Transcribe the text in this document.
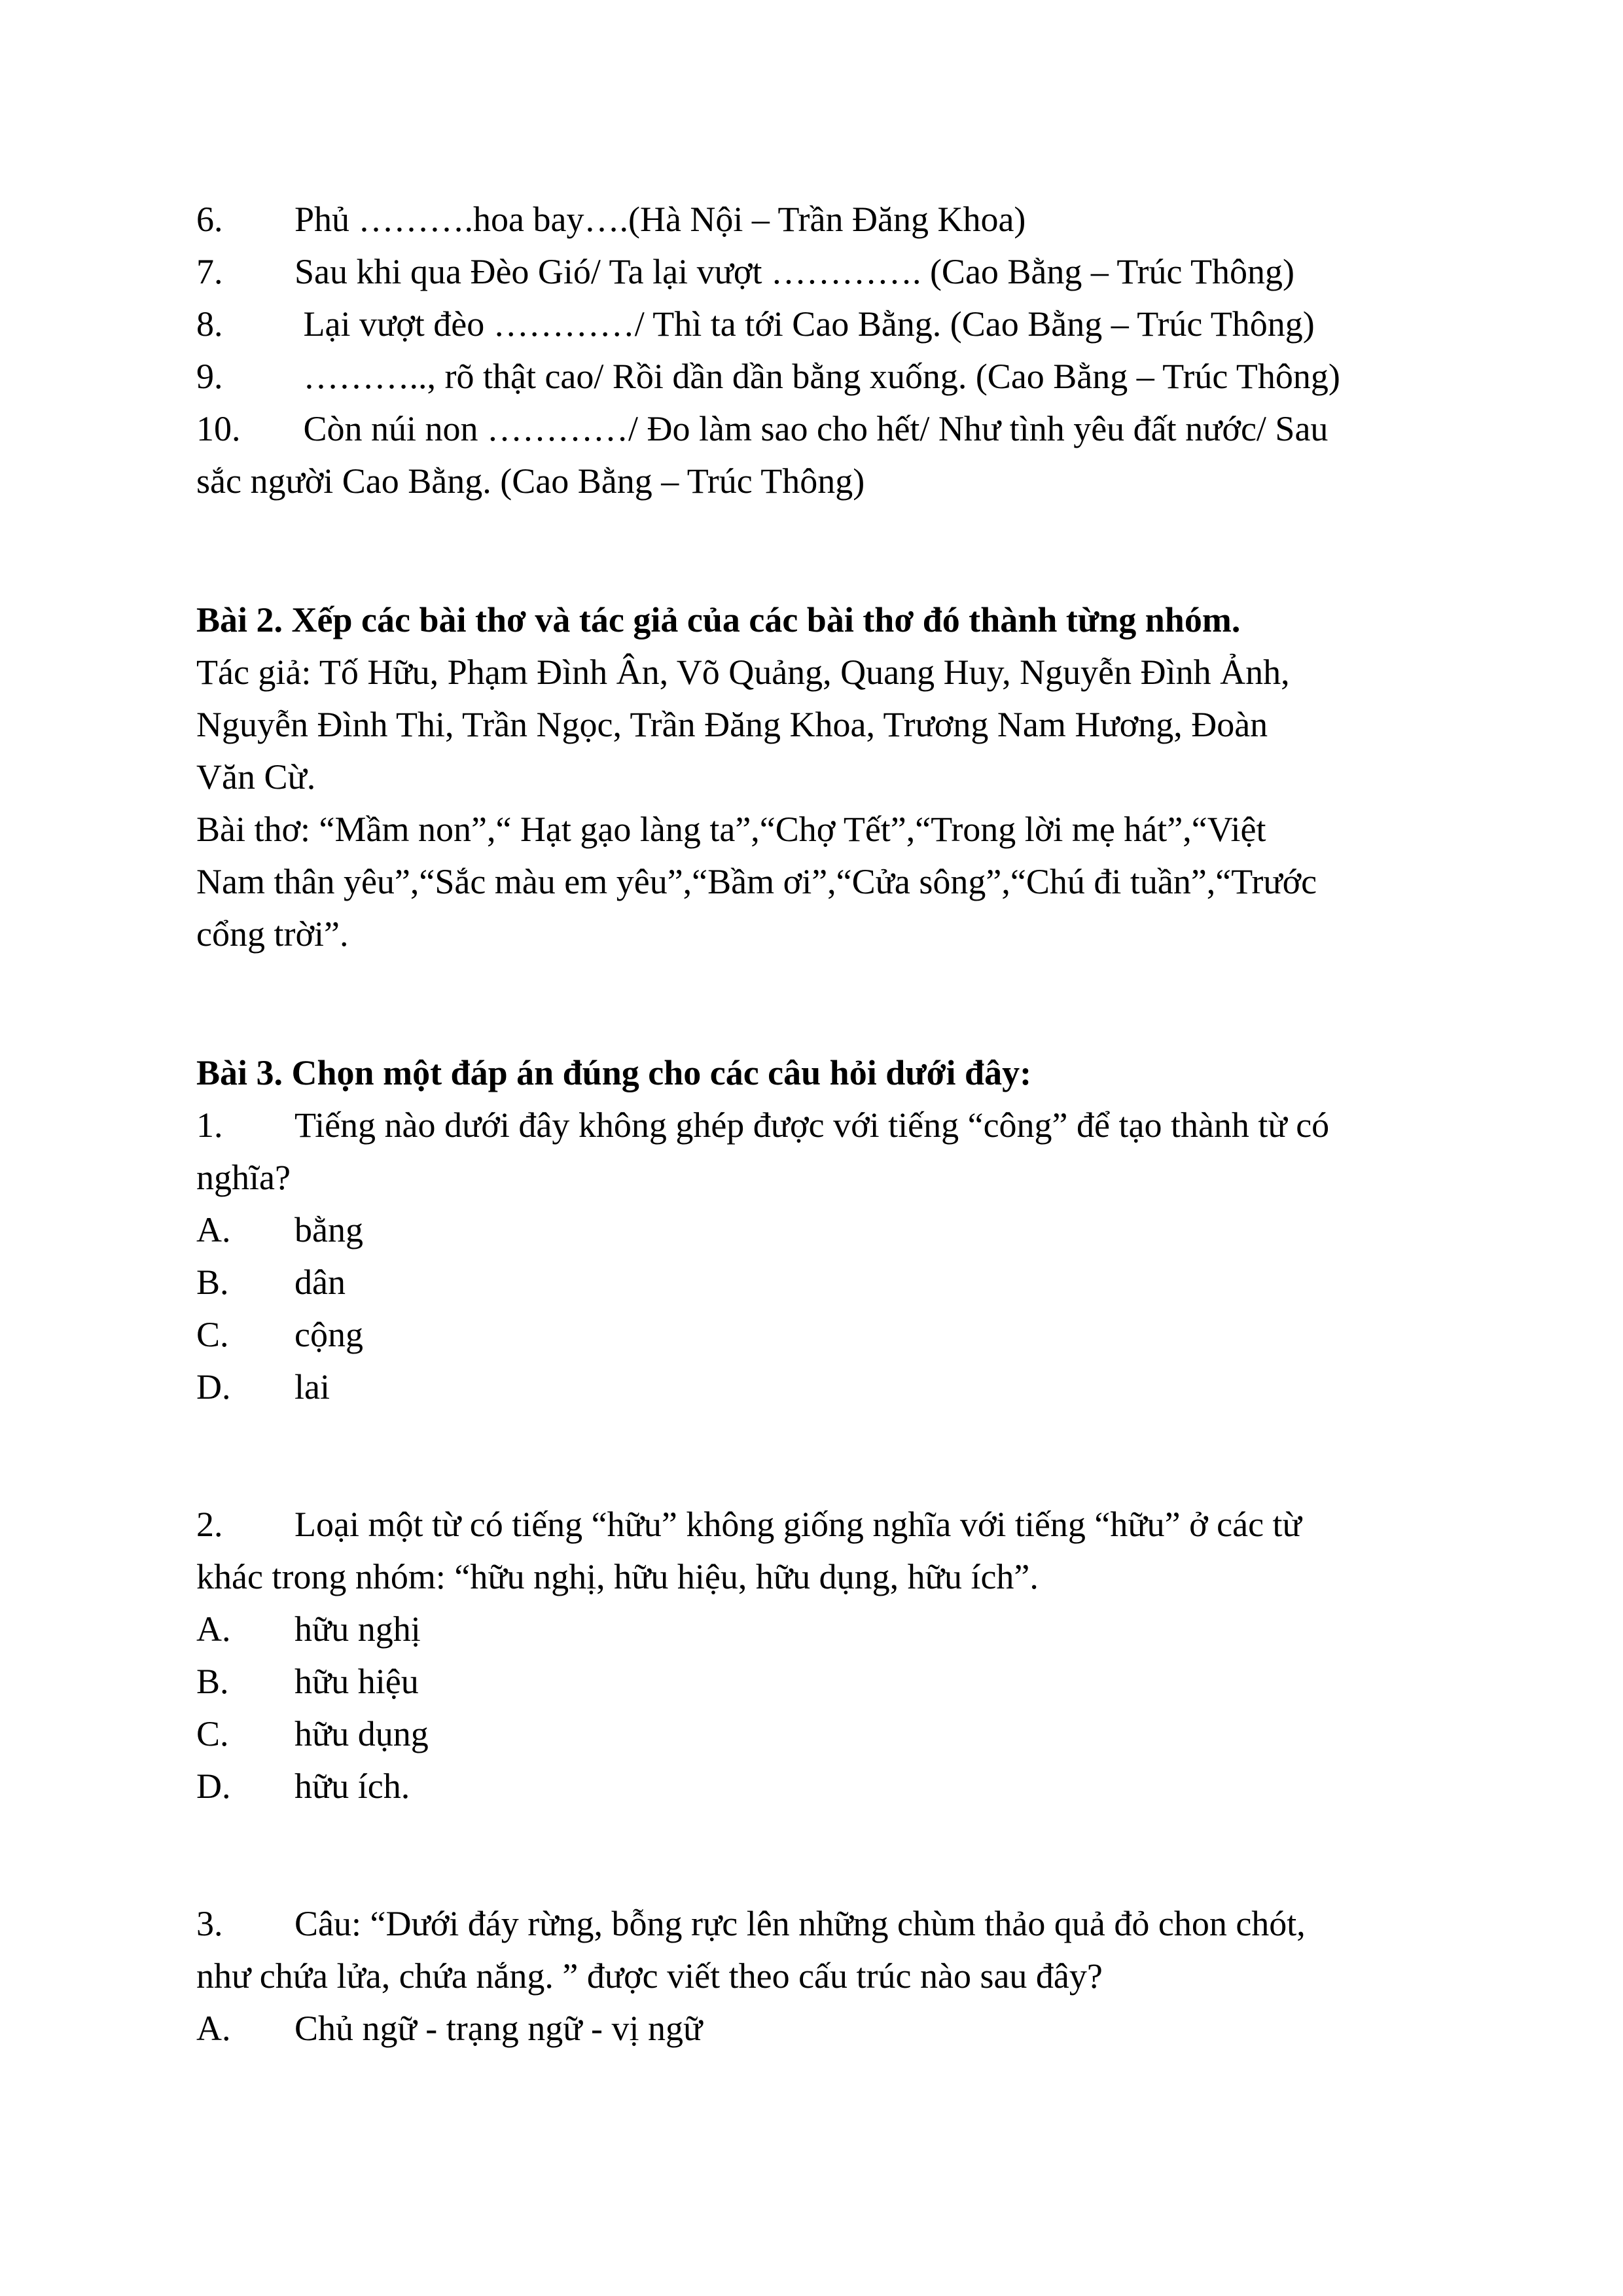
6. Phủ ……….hoa bay….(Hà Nội – Trần Đăng Khoa)
7. Sau khi qua Đèo Gió/ Ta lại vượt …………. (Cao Bằng – Trúc Thông)
8. Lại vượt đèo …………/ Thì ta tới Cao Bằng. (Cao Bằng – Trúc Thông)
9. ……….., rõ thật cao/ Rồi dần dần bằng xuống. (Cao Bằng – Trúc Thông)
10. Còn núi non …………/ Đo làm sao cho hết/ Như tình yêu đất nước/ Sau
sắc người Cao Bằng. (Cao Bằng – Trúc Thông)
Bài 2. Xếp các bài thơ và tác giả của các bài thơ đó thành từng nhóm.
Tác giả: Tố Hữu, Phạm Đình Ân, Võ Quảng, Quang Huy, Nguyễn Đình Ảnh,
Nguyễn Đình Thi, Trần Ngọc, Trần Đăng Khoa, Trương Nam Hương, Đoàn
Văn Cừ.
Bài thơ: “Mầm non”,“ Hạt gạo làng ta”,“Chợ Tết”,“Trong lời mẹ hát”,“Việt
Nam thân yêu”,“Sắc màu em yêu”,“Bầm ơi”,“Cửa sông”,“Chú đi tuần”,“Trước
cổng trời”.
Bài 3. Chọn một đáp án đúng cho các câu hỏi dưới đây:
1. Tiếng nào dưới đây không ghép được với tiếng “công” để tạo thành từ có
nghĩa?
A. bằng
B. dân
C. cộng
D. lai
2. Loại một từ có tiếng “hữu” không giống nghĩa với tiếng “hữu” ở các từ
khác trong nhóm: “hữu nghị, hữu hiệu, hữu dụng, hữu ích”.
A. hữu nghị
B. hữu hiệu
C. hữu dụng
D. hữu ích.
3. Câu: “Dưới đáy rừng, bỗng rực lên những chùm thảo quả đỏ chon chót,
như chứa lửa, chứa nắng. ” được viết theo cấu trúc nào sau đây?
A. Chủ ngữ - trạng ngữ - vị ngữ
